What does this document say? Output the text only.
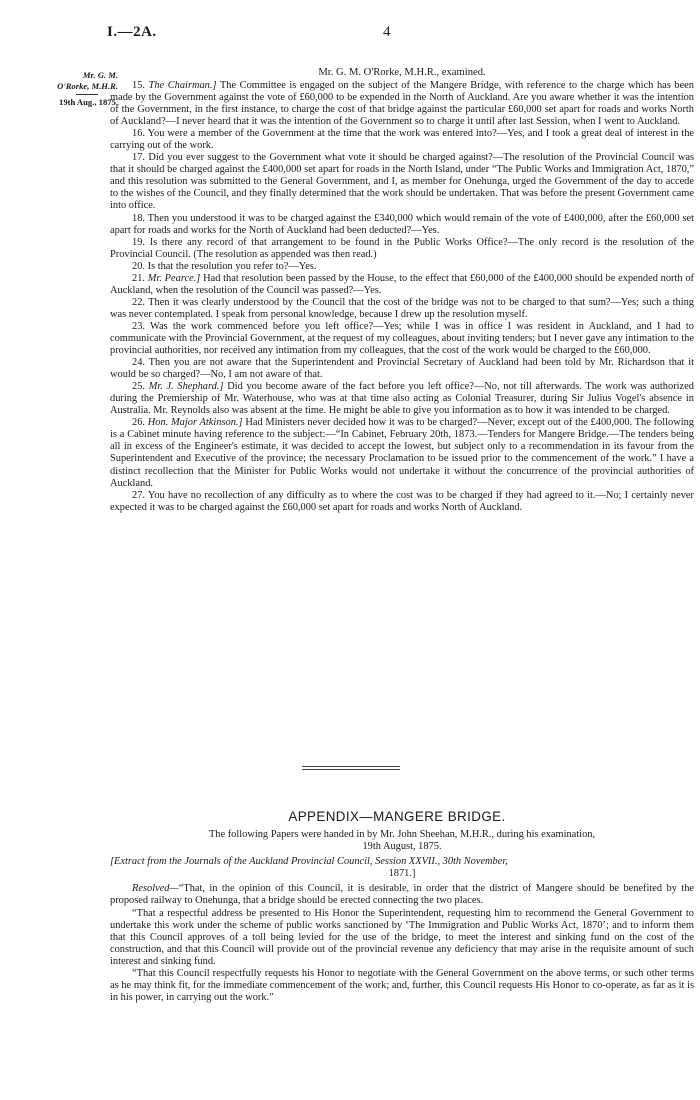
I.—2A.	4
Mr. G. M.
O'Rorke, M.H.R.
19th Aug., 1875.
Mr. G. M. O'Rorke, M.H.R., examined.

15. The Chairman.] The Committee is engaged on the subject of the Mangere Bridge, with reference to the charge which has been made by the Government against the vote of £60,000 to be expended in the North of Auckland. Are you aware whether it was the intention of the Government, in the first instance, to charge the cost of that bridge against the particular £60,000 set apart for roads and works North of Auckland?—I never heard that it was the intention of the Government so to charge it until after last Session, when I went to Auckland.

16. You were a member of the Government at the time that the work was entered into?—Yes, and I took a great deal of interest in the carrying out of the work.

17. Did you ever suggest to the Government what vote it should be charged against?—The resolution of the Provincial Council was that it should be charged against the £400,000 set apart for roads in the North Island, under “The Public Works and Immigration Act, 1870,” and this resolution was submitted to the General Government, and I, as member for Onehunga, urged the Government of the day to accede to the wishes of the Council, and they finally determined that the work should be undertaken. That was before the present Government came into office.

18. Then you understood it was to be charged against the £340,000 which would remain of the vote of £400,000, after the £60,000 set apart for roads and works for the North of Auckland had been deducted?—Yes.

19. Is there any record of that arrangement to be found in the Public Works Office?—The only record is the resolution of the Provincial Council. (The resolution as appended was then read.)

20. Is that the resolution you refer to?—Yes.

21. Mr. Pearce.] Had that resolution been passed by the House, to the effect that £60,000 of the £400,000 should be expended north of Auckland, when the resolution of the Council was passed?—Yes.

22. Then it was clearly understood by the Council that the cost of the bridge was not to be charged to that sum?—Yes; such a thing was never contemplated. I speak from personal knowledge, because I drew up the resolution myself.

23. Was the work commenced before you left office?—Yes; while I was in office I was resident in Auckland, and I had to communicate with the Provincial Government, at the request of my colleagues, about inviting tenders; but I never gave any intimation to the provincial authorities, nor received any intimation from my colleagues, that the cost of the work would be charged to the £60,000.

24. Then you are not aware that the Superintendent and Provincial Secretary of Auckland had been told by Mr. Richardson that it would be so charged?—No, I am not aware of that.

25. Mr. J. Shephard.] Did you become aware of the fact before you left office?—No, not till afterwards. The work was authorized during the Premiership of Mr. Waterhouse, who was at that time also acting as Colonial Treasurer, during Sir Julius Vogel's absence in Australia. Mr. Reynolds also was absent at the time. He might be able to give you information as to how it was intended to be charged.

26. Hon. Major Atkinson.] Had Ministers never decided how it was to be charged?—Never, except out of the £400,000. The following is a Cabinet minute having reference to the subject:—“In Cabinet, February 20th, 1873.—Tenders for Mangere Bridge.—The tenders being all in excess of the Engineer's estimate, it was decided to accept the lowest, but subject only to a recommendation in its favour from the Superintendent and Executive of the province; the necessary Proclamation to be issued prior to the commencement of the work.” I have a distinct recollection that the Minister for Public Works would not undertake it without the concurrence of the provincial authorities of Auckland.

27. You have no recollection of any difficulty as to where the cost was to be charged if they had agreed to it.—No; I certainly never expected it was to be charged against the £60,000 set apart for roads and works North of Auckland.

APPENDIX—MANGERE BRIDGE.

The following Papers were handed in by Mr. John Sheehan, M.H.R., during his examination,

19th August, 1875.

[Extract from the Journals of the Auckland Provincial Council, Session XXVII., 30th November,

1871.]

Resolved—“That, in the opinion of this Council, it is desirable, in order that the district of Mangere should be benefited by the proposed railway to Onehunga, that a bridge should be erected connecting the two places.

“That a respectful address be presented to His Honor the Superintendent, requesting him to recommend the General Government to undertake this work under the scheme of public works sanctioned by ‘The Immigration and Public Works Act, 1870’; and to inform them that this Council approves of a toll being levied for the use of the bridge, to meet the interest and sinking fund on the cost of the construction, and that this Council will provide out of the provincial revenue any deficiency that may arise in the requisite amount of such interest and sinking fund.

“That this Council respectfully requests his Honor to negotiate with the General Government on the above terms, or such other terms as he may think fit, for the immediate commencement of the work; and, further, this Council requests His Honor to co-operate, as far as it is in his power, in carrying out the work.”
